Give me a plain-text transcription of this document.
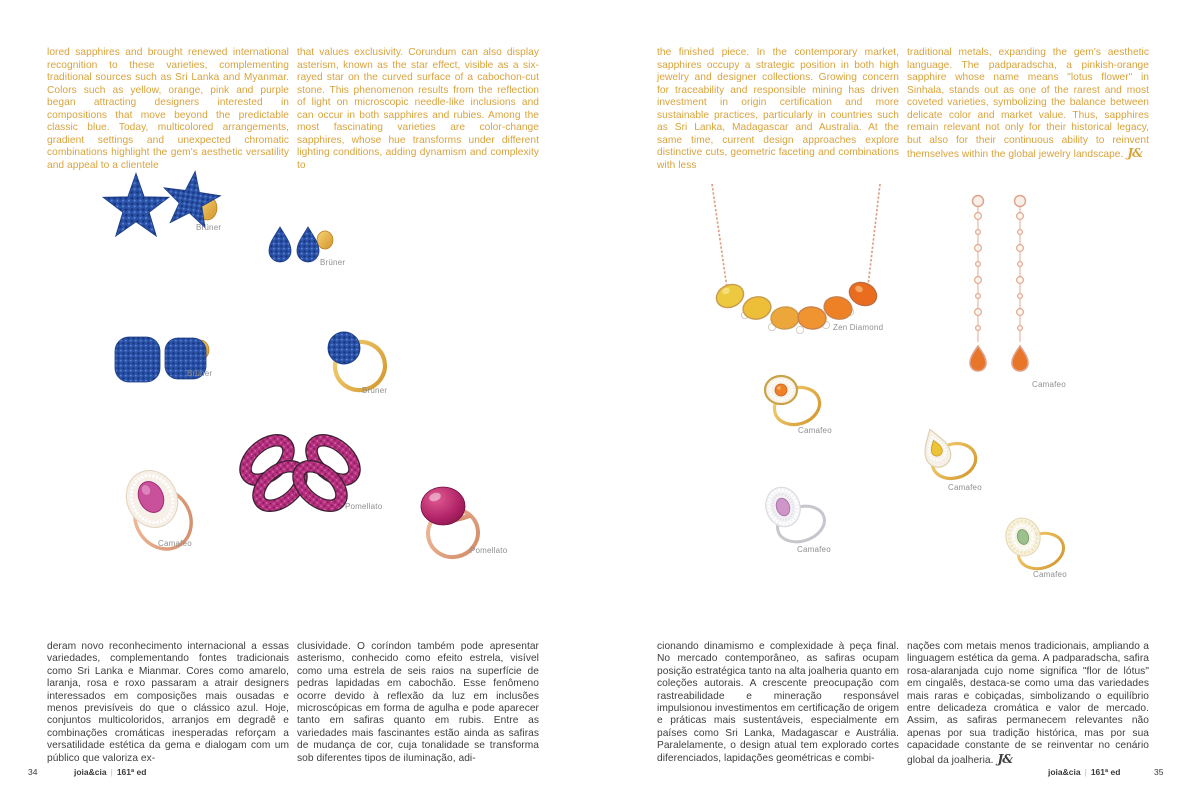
lored sapphires and brought renewed international recognition to these varieties, complementing traditional sources such as Sri Lanka and Myanmar. Colors such as yellow, orange, pink and purple began attracting designers interested in compositions that move beyond the predictable classic blue. Today, multicolored arrangements, gradient settings and unexpected chromatic combinations highlight the gem's aesthetic versatility and appeal to a clientele
that values exclusivity. Corundum can also display asterism, known as the star effect, visible as a six-rayed star on the curved surface of a cabochon-cut stone. This phenomenon results from the reflection of light on microscopic needle-like inclusions and can occur in both sapphires and rubies. Among the most fascinating varieties are color-change sapphires, whose hue transforms under different lighting conditions, adding dynamism and complexity to
the finished piece. In the contemporary market, sapphires occupy a strategic position in both high jewelry and designer collections. Growing concern for traceability and responsible mining has driven investment in origin certification and more sustainable practices, particularly in countries such as Sri Lanka, Madagascar and Australia. At the same time, current design approaches explore distinctive cuts, geometric faceting and combinations with less
traditional metals, expanding the gem's aesthetic language. The padparadscha, a pinkish-orange sapphire whose name means "lotus flower" in Sinhala, stands out as one of the rarest and most coveted varieties, symbolizing the balance between delicate color and market value. Thus, sapphires remain relevant not only for their historical legacy, but also for their continuous ability to reinvent themselves within the global jewelry landscape. J&
deram novo reconhecimento internacional a essas variedades, complementando fontes tradicionais como Sri Lanka e Mianmar. Cores como amarelo, laranja, rosa e roxo passaram a atrair designers interessados em composições mais ousadas e menos previsíveis do que o clássico azul. Hoje, conjuntos multicoloridos, arranjos em degradê e combinações cromáticas inesperadas reforçam a versatilidade estética da gema e dialogam com um público que valoriza ex-
clusividade. O coríndon também pode apresentar asterismo, conhecido como efeito estrela, visível como uma estrela de seis raios na superfície de pedras lapidadas em cabochão. Esse fenômeno ocorre devido à reflexão da luz em inclusões microscópicas em forma de agulha e pode aparecer tanto em safiras quanto em rubis. Entre as variedades mais fascinantes estão ainda as safiras de mudança de cor, cuja tonalidade se transforma sob diferentes tipos de iluminação, adi-
cionando dinamismo e complexidade à peça final. No mercado contemporâneo, as safiras ocupam posição estratégica tanto na alta joalheria quanto em coleções autorais. A crescente preocupação com rastreabilidade e mineração responsável impulsionou investimentos em certificação de origem e práticas mais sustentáveis, especialmente em países como Sri Lanka, Madagascar e Austrália. Paralelamente, o design atual tem explorado cortes diferenciados, lapidações geométricas e combi-
nações com metais menos tradicionais, ampliando a linguagem estética da gema. A padparadscha, safira rosa-alaranjada cujo nome significa "flor de lótus" em cingalês, destaca-se como uma das variedades mais raras e cobiçadas, simbolizando o equilíbrio entre delicadeza cromática e valor de mercado. Assim, as safiras permanecem relevantes não apenas por sua tradição histórica, mas por sua capacidade constante de se reinventar no cenário global da joalheria. J&
Brüner
Brüner
Brüner
Brüner
Camafeo
Pomellato
Pomellato
Zen Diamond
Camafeo
Camafeo
Camafeo
Camafeo
Camafeo
34	joia&cia | 161ª ed	joia&cia | 161ª ed	35
